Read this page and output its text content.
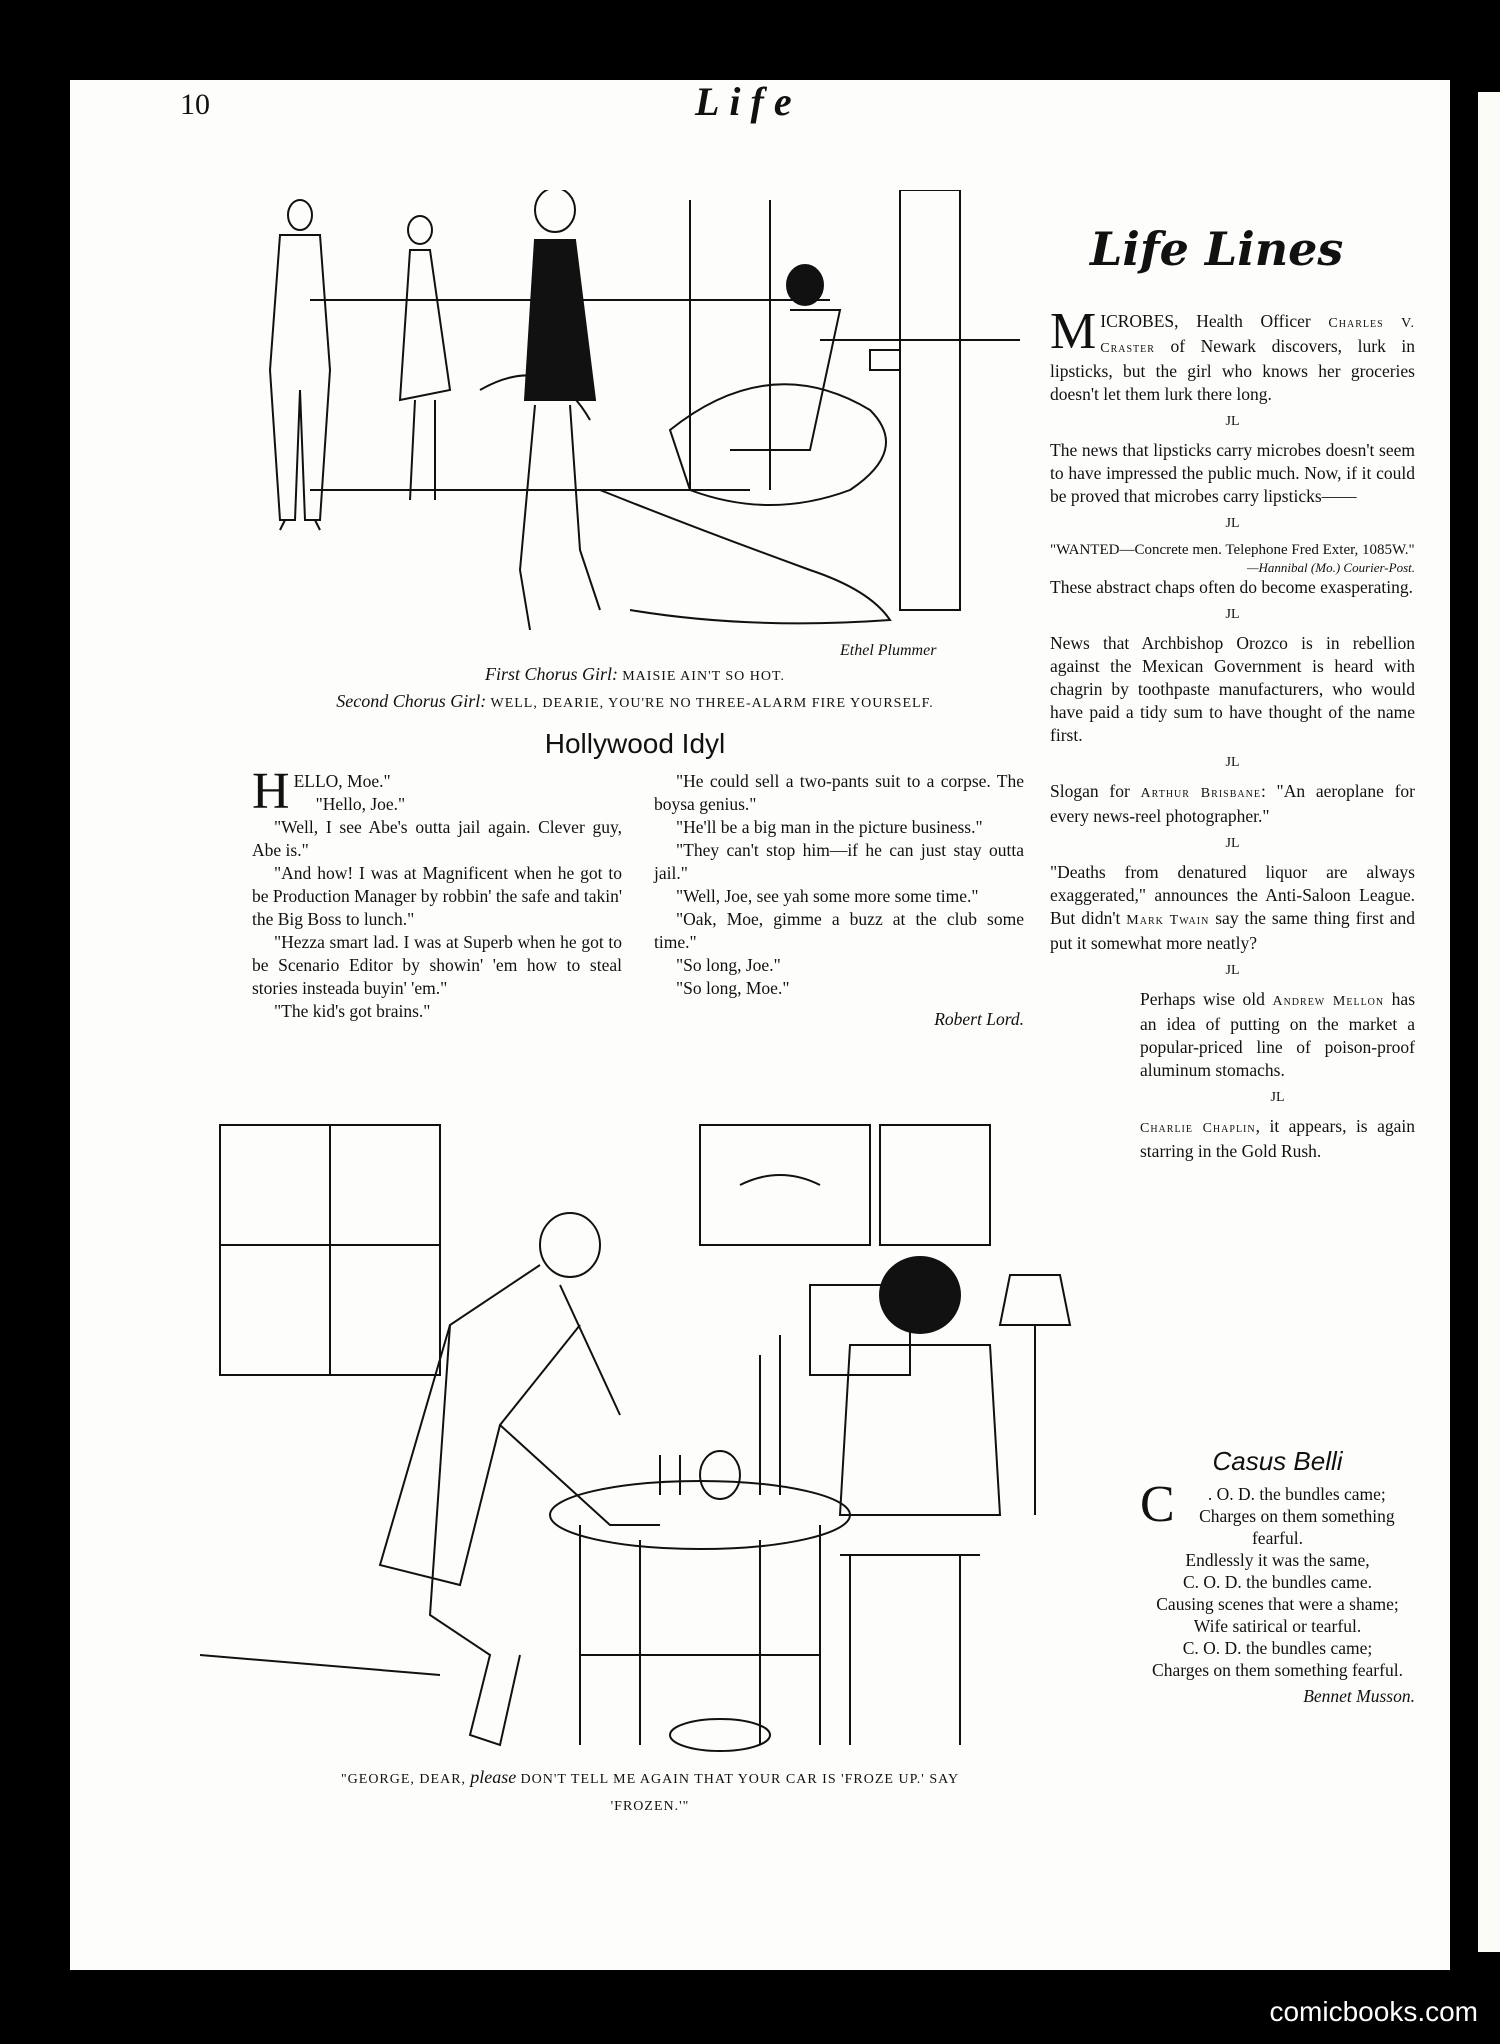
10	Life
Ethel Plummer
First Chorus Girl: MAISIE AIN'T SO HOT.
Second Chorus Girl: WELL, DEARIE, YOU'RE NO THREE-ALARM FIRE YOURSELF.
Hollywood Idyl

HELLO, Moe."

"Hello, Joe."

"Well, I see Abe's outta jail again. Clever guy, Abe is."

"And how! I was at Magnificent when he got to be Production Manager by robbin' the safe and takin' the Big Boss to lunch."

"Hezza smart lad. I was at Superb when he got to be Scenario Editor by showin' 'em how to steal stories insteada buyin' 'em."

"The kid's got brains."

"He could sell a two-pants suit to a corpse. The boysa genius."

"He'll be a big man in the picture business."

"They can't stop him—if he can just stay outta jail."

"Well, Joe, see yah some more some time."

"Oak, Moe, gimme a buzz at the club some time."

"So long, Joe."

"So long, Moe."

Robert Lord.

"GEORGE, DEAR, please DON'T TELL ME AGAIN THAT YOUR CAR IS 'FROZE UP.' SAY 'FROZEN.'"
Life Lines

MICROBES, Health Officer Charles V. Craster of Newark discovers, lurk in lipsticks, but the girl who knows her groceries doesn't let them lurk there long.

JL

The news that lipsticks carry microbes doesn't seem to have impressed the public much. Now, if it could be proved that microbes carry lipsticks——

JL

"WANTED—Concrete men. Telephone Fred Exter, 1085W."

—Hannibal (Mo.) Courier-Post.

These abstract chaps often do become exasperating.

JL

News that Archbishop Orozco is in rebellion against the Mexican Government is heard with chagrin by toothpaste manufacturers, who would have paid a tidy sum to have thought of the name first.

JL

Slogan for Arthur Brisbane: "An aeroplane for every news-reel photographer."

JL

"Deaths from denatured liquor are always exaggerated," announces the Anti-Saloon League. But didn't Mark Twain say the same thing first and put it somewhat more neatly?

JL

Perhaps wise old Andrew Mellon has an idea of putting on the market a popular-priced line of poison-proof aluminum stomachs.

JL

Charlie Chaplin, it appears, is again starring in the Gold Rush.

Casus Belli
C . O. D. the bundles came;
Charges on them something fearful.
Endlessly it was the same,
C. O. D. the bundles came.
Causing scenes that were a shame;
Wife satirical or tearful.
C. O. D. the bundles came;
Charges on them something fearful.
Bennet Musson.
comicbooks.com
